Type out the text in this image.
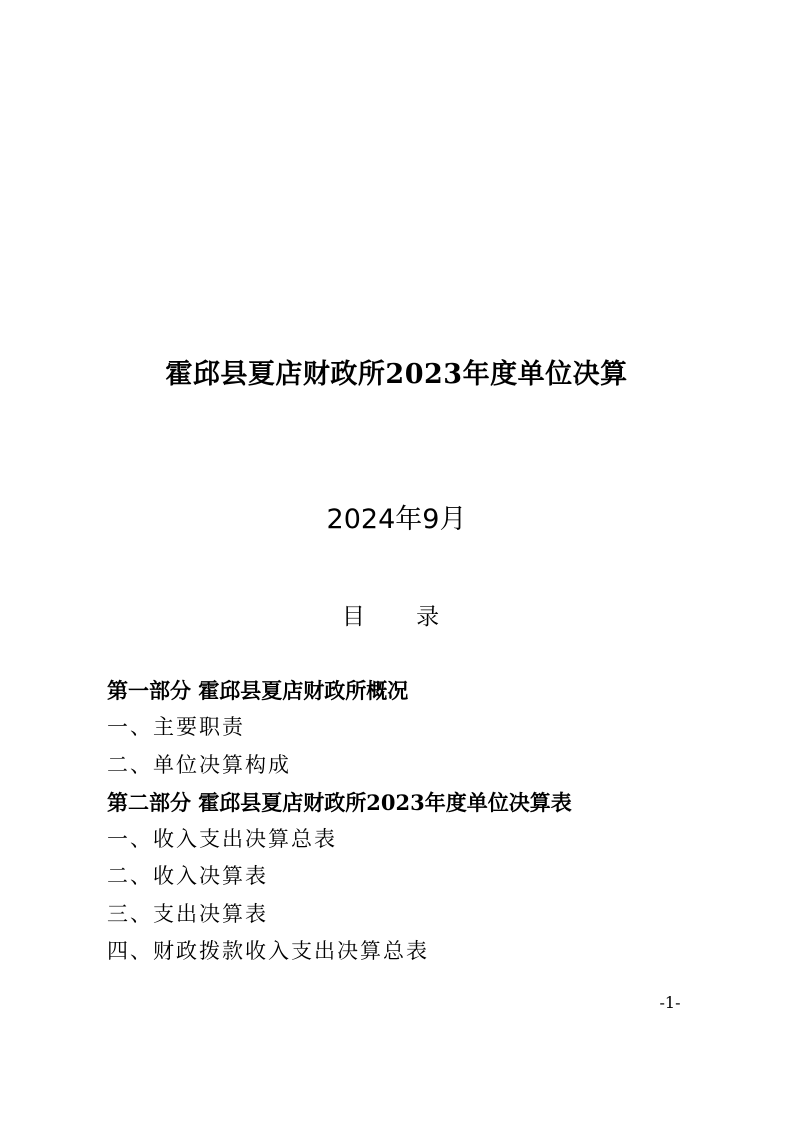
霍邱县夏店财政所2023年度单位决算
2024年9月
目 录
第一部分 霍邱县夏店财政所概况
一、主要职责
二、单位决算构成
第二部分 霍邱县夏店财政所2023年度单位决算表
一、收入支出决算总表
二、收入决算表
三、支出决算表
四、财政拨款收入支出决算总表
-1-
